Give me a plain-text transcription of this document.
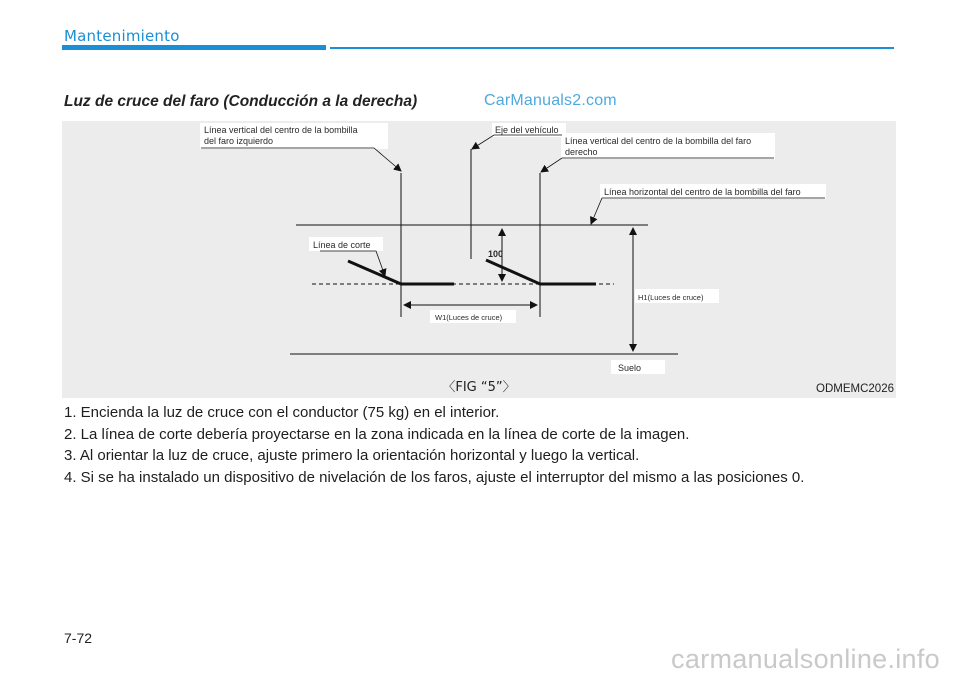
Mantenimiento
Luz de cruce del faro (Conducción a la derecha)	CarManuals2.com
Línea vertical del centro de la bombilla
del faro izquierdo
Eje del vehículo
Línea vertical del centro de la bombilla del faro
derecho
Línea horizontal del centro de la bombilla del faro
Línea de corte
100
H1(Luces de cruce)
W1(Luces de cruce)
Suelo
〈FIG “5”〉	ODMEMC2026
1. Encienda la luz de cruce con el conductor (75 kg) en el interior.
2. La línea de corte debería proyectarse en la zona indicada en la línea de corte de la imagen.
3. Al orientar la luz de cruce, ajuste primero la orientación horizontal y luego la vertical.
4. Si se ha instalado un dispositivo de nivelación de los faros, ajuste el interruptor del mismo a las posiciones 0.
7-72
carmanualsonline.info
